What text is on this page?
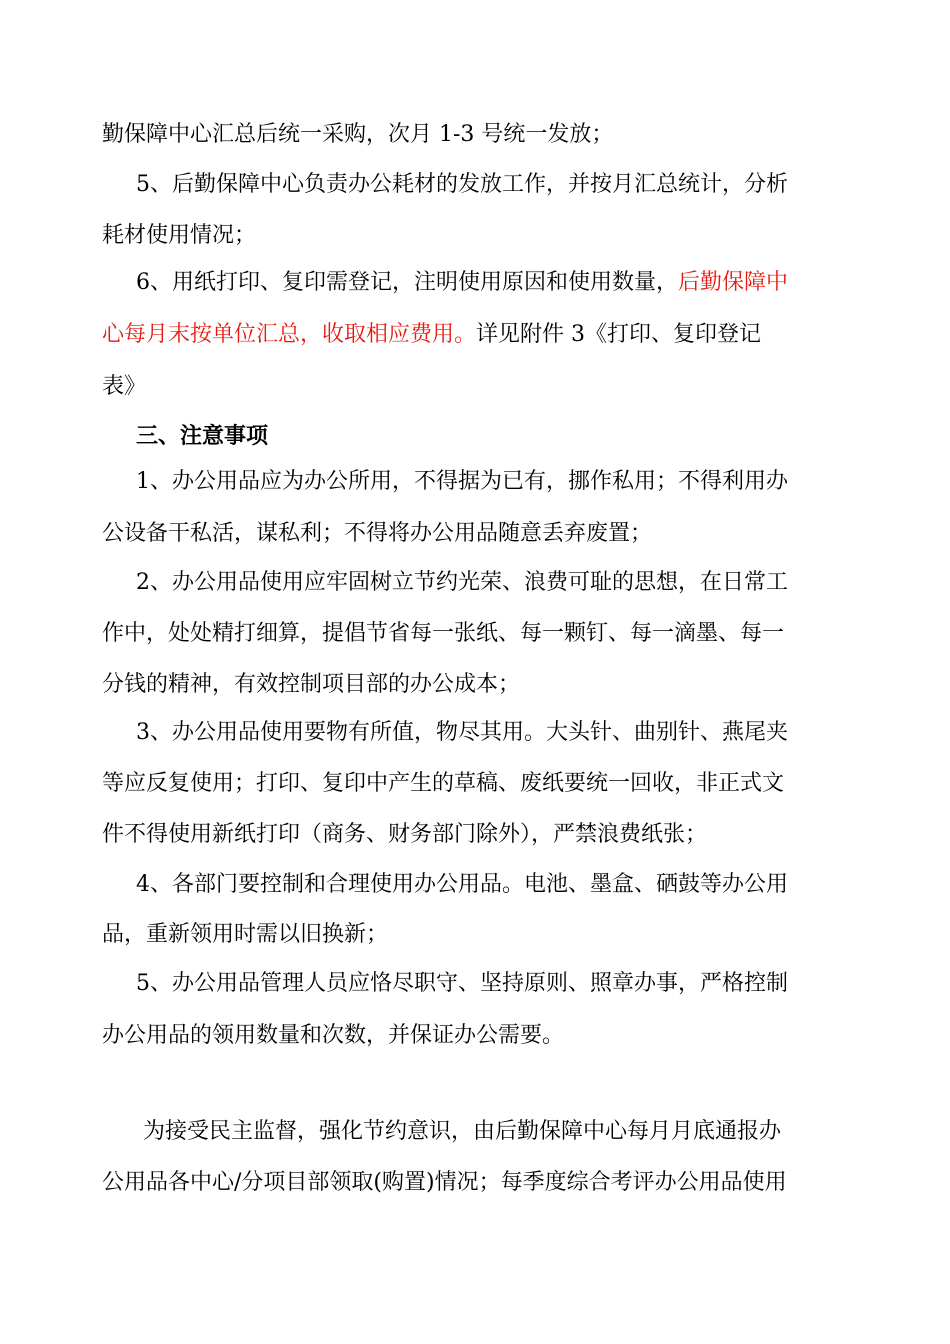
勤保障中心汇总后统一采购，次月 1-3 号统一发放；
5、后勤保障中心负责办公耗材的发放工作，并按月汇总统计，分析
耗材使用情况；
6、用纸打印、复印需登记，注明使用原因和使用数量，后勤保障中
心每月末按单位汇总，收取相应费用。详见附件 3《打印、复印登记
表》
三、注意事项
1、办公用品应为办公所用，不得据为已有，挪作私用；不得利用办
公设备干私活，谋私利；不得将办公用品随意丢弃废置；
2、办公用品使用应牢固树立节约光荣、浪费可耻的思想，在日常工
作中，处处精打细算，提倡节省每一张纸、每一颗钉、每一滴墨、每一
分钱的精神，有效控制项目部的办公成本；
3、办公用品使用要物有所值，物尽其用。大头针、曲别针、燕尾夹
等应反复使用；打印、复印中产生的草稿、废纸要统一回收，非正式文
件不得使用新纸打印（商务、财务部门除外），严禁浪费纸张；
4、各部门要控制和合理使用办公用品。电池、墨盒、硒鼓等办公用
品，重新领用时需以旧换新；
5、办公用品管理人员应恪尽职守、坚持原则、照章办事，严格控制
办公用品的领用数量和次数，并保证办公需要。
为接受民主监督，强化节约意识，由后勤保障中心每月月底通报办
公用品各中心/分项目部领取(购置)情况；每季度综合考评办公用品使用
